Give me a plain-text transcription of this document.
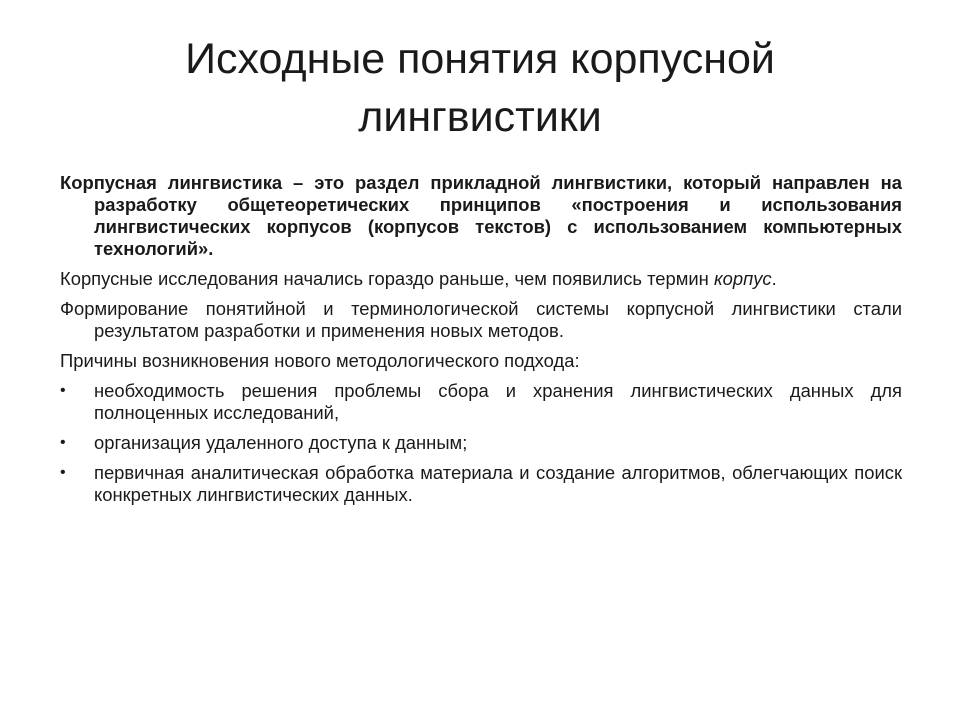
Исходные понятия корпусной лингвистики

Корпусная лингвистика – это раздел прикладной лингвистики, который направлен на разработку общетеоретических принципов «построения и использования лингвистических корпусов (корпусов текстов) с использованием компьютерных технологий».

Корпусные исследования начались гораздо раньше, чем появились термин корпус.

Формирование понятийной и терминологической системы корпусной лингвистики стали результатом разработки и применения новых методов.

Причины возникновения нового методологического подхода:

• необходимость решения проблемы сбора и хранения лингвистических данных для полноценных исследований,
• организация удаленного доступа к данным;
• первичная аналитическая обработка материала и создание алгоритмов, облегчающих поиск конкретных лингвистических данных.
